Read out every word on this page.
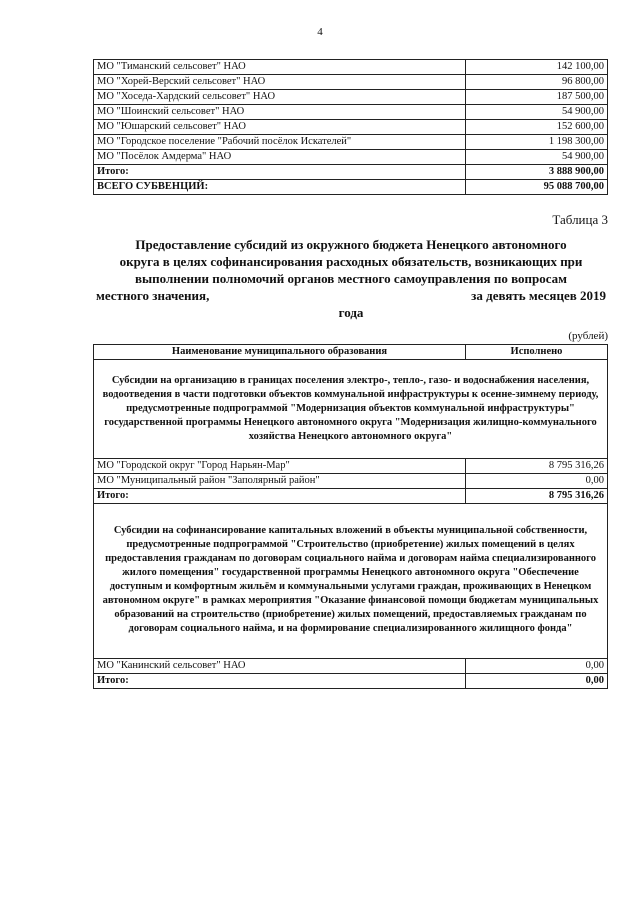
4
МО "Тиманский сельсовет" НАО	142 100,00
МО "Хорей-Верский сельсовет" НАО	96 800,00
МО "Хоседа-Хардский сельсовет" НАО	187 500,00
МО "Шоинский сельсовет" НАО	54 900,00
МО "Юшарский сельсовет" НАО	152 600,00
МО "Городское поселение "Рабочий посёлок Искателей"	1 198 300,00
МО "Посёлок Амдерма" НАО	54 900,00
Итого:	3 888 900,00
ВСЕГО СУБВЕНЦИЙ:	95 088 700,00
Таблица 3
Предоставление субсидий из окружного бюджета Ненецкого автономного
округа в целях софинансирования расходных обязательств, возникающих при
выполнении полномочий органов местного самоуправления по вопросам
местного значения,	за девять месяцев 2019
года
(рублей)
Наименование муниципального образования	Исполнено
Субсидии на организацию в границах поселения электро-, тепло-, газо- и водоснабжения населения, водоотведения в части подготовки объектов коммунальной инфраструктуры к осенне-зимнему периоду, предусмотренные подпрограммой "Модернизация объектов коммунальной инфраструктуры" государственной программы Ненецкого автономного округа "Модернизация жилищно-коммунального хозяйства Ненецкого автономного округа"	
МО "Городской округ "Город Нарьян-Мар"	8 795 316,26
МО "Муниципальный район "Заполярный район"	0,00
Итого:	8 795 316,26
Субсидии на софинансирование капитальных вложений в объекты муниципальной собственности, предусмотренные подпрограммой "Строительство (приобретение) жилых помещений в целях предоставления гражданам по договорам социального найма и договорам найма специализированного жилого помещения" государственной программы Ненецкого автономного округа "Обеспечение доступным и комфортным жильём и коммунальными услугами граждан, проживающих в Ненецком автономном округе" в рамках мероприятия "Оказание финансовой помощи бюджетам муниципальных образований на строительство (приобретение) жилых помещений, предоставляемых гражданам по договорам социального найма, и на формирование специализированного жилищного фонда"	
МО "Канинский сельсовет" НАО	0,00
Итого:	0,00
